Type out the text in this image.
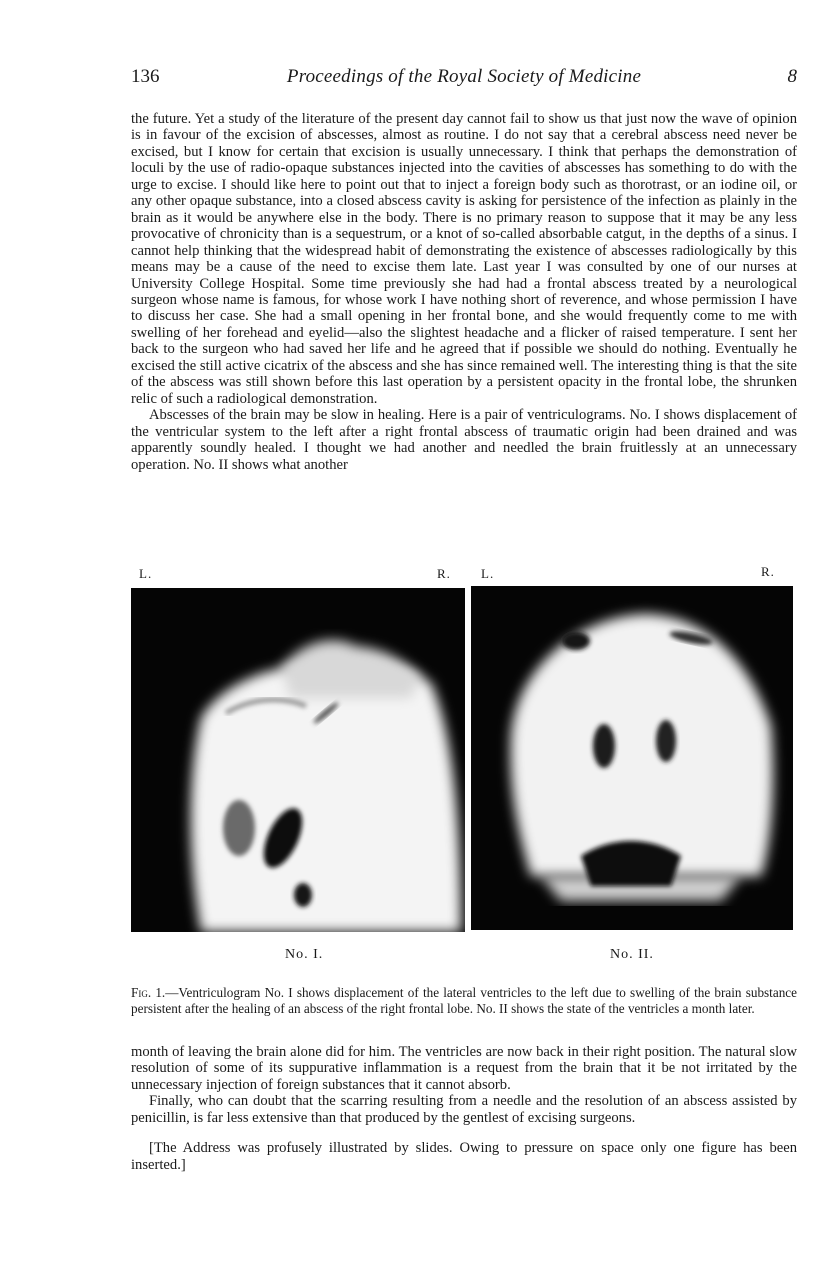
136	Proceedings of the Royal Society of Medicine	8

the future. Yet a study of the literature of the present day cannot fail to show us that just now the wave of opinion is in favour of the excision of abscesses, almost as routine. I do not say that a cerebral abscess need never be excised, but I know for certain that excision is usually unnecessary. I think that perhaps the demonstration of loculi by the use of radio-opaque substances injected into the cavities of abscesses has something to do with the urge to excise. I should like here to point out that to inject a foreign body such as thorotrast, or an iodine oil, or any other opaque substance, into a closed abscess cavity is asking for persistence of the infection as plainly in the brain as it would be anywhere else in the body. There is no primary reason to suppose that it may be any less provocative of chronicity than is a sequestrum, or a knot of so-called absorbable catgut, in the depths of a sinus. I cannot help thinking that the widespread habit of demonstrating the existence of abscesses radiologically by this means may be a cause of the need to excise them late. Last year I was consulted by one of our nurses at University College Hospital. Some time previously she had had a frontal abscess treated by a neurological surgeon whose name is famous, for whose work I have nothing short of reverence, and whose permission I have to discuss her case. She had a small opening in her frontal bone, and she would frequently come to me with swelling of her forehead and eyelid—also the slightest headache and a flicker of raised temperature. I sent her back to the surgeon who had saved her life and he agreed that if possible we should do nothing. Eventually he excised the still active cicatrix of the abscess and she has since remained well. The interesting thing is that the site of the abscess was still shown before this last operation by a persistent opacity in the frontal lobe, the shrunken relic of such a radiological demonstration.

Abscesses of the brain may be slow in healing. Here is a pair of ventriculograms. No. I shows displacement of the ventricular system to the left after a right frontal abscess of traumatic origin had been drained and was apparently soundly healed. I thought we had another and needled the brain fruitlessly at an unnecessary operation. No. II shows what another

L.	R. L.	R.
No. I.	No. II.
Fig. 1.—Ventriculogram No. I shows displacement of the lateral ventricles to the left due to swelling of the brain substance persistent after the healing of an abscess of the right frontal lobe. No. II shows the state of the ventricles a month later.

month of leaving the brain alone did for him. The ventricles are now back in their right position. The natural slow resolution of some of its suppurative inflammation is a request from the brain that it be not irritated by the unnecessary injection of foreign substances that it cannot absorb.

Finally, who can doubt that the scarring resulting from a needle and the resolution of an abscess assisted by penicillin, is far less extensive than that produced by the gentlest of excising surgeons.

[The Address was profusely illustrated by slides. Owing to pressure on space only one figure has been inserted.]
